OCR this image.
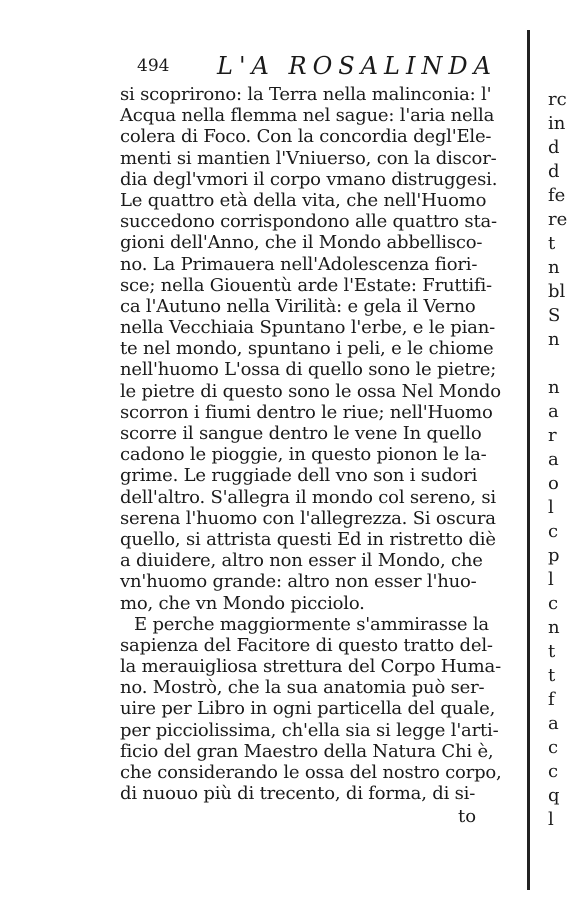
494 L'A ROSALINDA
si scoprirono: la Terra nella malinconia: l'
Acqua nella flemma nel sague: l'aria nella
colera di Foco. Con la concordia degl'Ele-
menti si mantien l'Vniuerso, con la discor-
dia degl'vmori il corpo vmano distruggesi.
Le quattro età della vita, che nell'Huomo
succedono corrispondono alle quattro sta-
gioni dell'Anno, che il Mondo abbellisco-
no. La Primauera nell'Adolescenza fiori-
sce; nella Giouentù arde l'Estate: Fruttifi-
ca l'Autuno nella Virilità: e gela il Verno
nella Vecchiaia Spuntano l'erbe, e le pian-
te nel mondo, spuntano i peli, e le chiome
nell'huomo L'ossa di quello sono le pietre;
le pietre di questo sono le ossa Nel Mondo
scorron i fiumi dentro le riue; nell'Huomo
scorre il sangue dentro le vene In quello
cadono le pioggie, in questo pionon le la-
grime. Le ruggiade dell vno son i sudori
dell'altro. S'allegra il mondo col sereno, si
serena l'huomo con l'allegrezza. Si oscura
quello, si attrista questi Ed in ristretto diè
a diuidere, altro non esser il Mondo, che
vn'huomo grande: altro non esser l'huo-
mo, che vn Mondo picciolo.
E perche maggiormente s'ammirasse la
sapienza del Facitore di questo tratto del-
la merauigliosa strettura del Corpo Huma-
no. Mostrò, che la sua anatomia può ser-
uire per Libro in ogni particella del quale,
per picciolissima, ch'ella sia si legge l'arti-
ficio del gran Maestro della Natura Chi è,
che considerando le ossa del nostro corpo,
di nuouo più di trecento, di forma, di si-
to
rc
in
d
d
fe
re
t
n
bl
S
n
n
a
r
a
o
l
c
p
l
c
n
t
t
f
a
c
c
q
l
